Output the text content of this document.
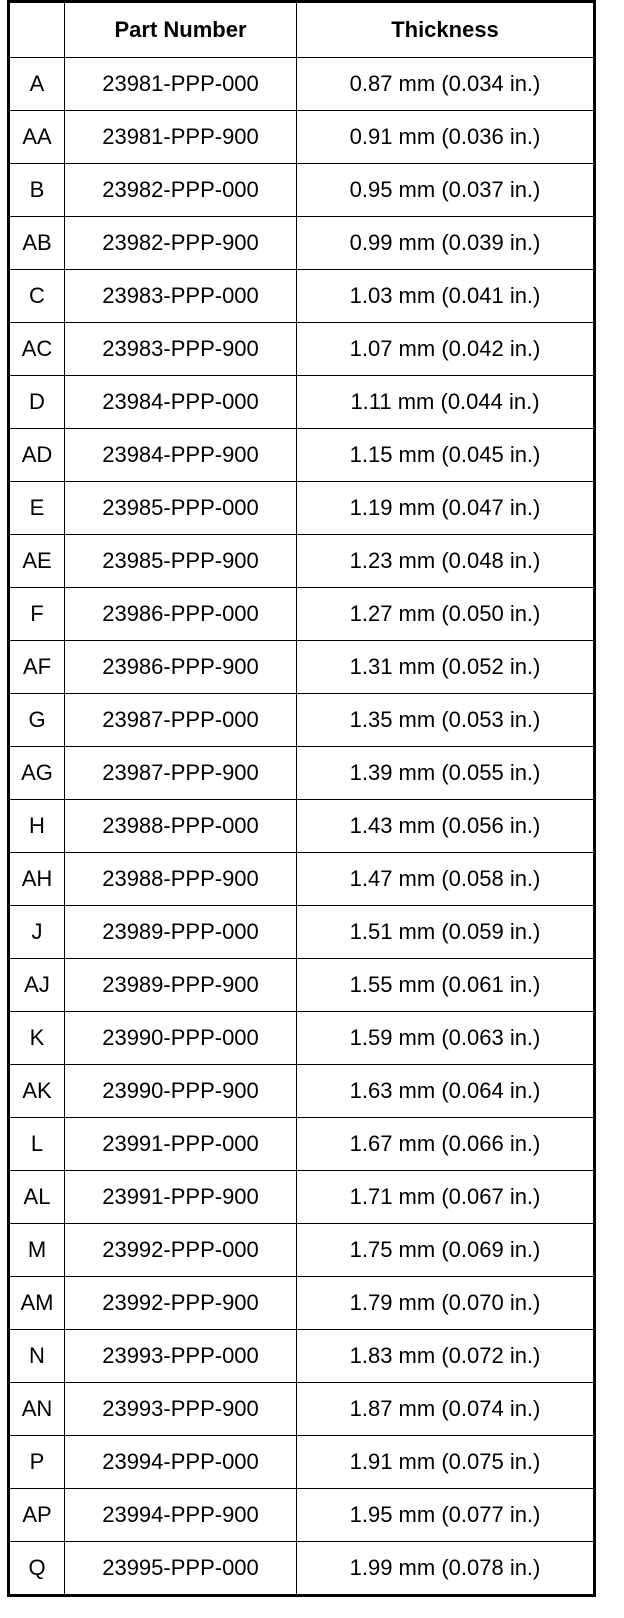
	Part Number	Thickness
A	23981-PPP-000	0.87 mm (0.034 in.)
AA	23981-PPP-900	0.91 mm (0.036 in.)
B	23982-PPP-000	0.95 mm (0.037 in.)
AB	23982-PPP-900	0.99 mm (0.039 in.)
C	23983-PPP-000	1.03 mm (0.041 in.)
AC	23983-PPP-900	1.07 mm (0.042 in.)
D	23984-PPP-000	1.11 mm (0.044 in.)
AD	23984-PPP-900	1.15 mm (0.045 in.)
E	23985-PPP-000	1.19 mm (0.047 in.)
AE	23985-PPP-900	1.23 mm (0.048 in.)
F	23986-PPP-000	1.27 mm (0.050 in.)
AF	23986-PPP-900	1.31 mm (0.052 in.)
G	23987-PPP-000	1.35 mm (0.053 in.)
AG	23987-PPP-900	1.39 mm (0.055 in.)
H	23988-PPP-000	1.43 mm (0.056 in.)
AH	23988-PPP-900	1.47 mm (0.058 in.)
J	23989-PPP-000	1.51 mm (0.059 in.)
AJ	23989-PPP-900	1.55 mm (0.061 in.)
K	23990-PPP-000	1.59 mm (0.063 in.)
AK	23990-PPP-900	1.63 mm (0.064 in.)
L	23991-PPP-000	1.67 mm (0.066 in.)
AL	23991-PPP-900	1.71 mm (0.067 in.)
M	23992-PPP-000	1.75 mm (0.069 in.)
AM	23992-PPP-900	1.79 mm (0.070 in.)
N	23993-PPP-000	1.83 mm (0.072 in.)
AN	23993-PPP-900	1.87 mm (0.074 in.)
P	23994-PPP-000	1.91 mm (0.075 in.)
AP	23994-PPP-900	1.95 mm (0.077 in.)
Q	23995-PPP-000	1.99 mm (0.078 in.)
